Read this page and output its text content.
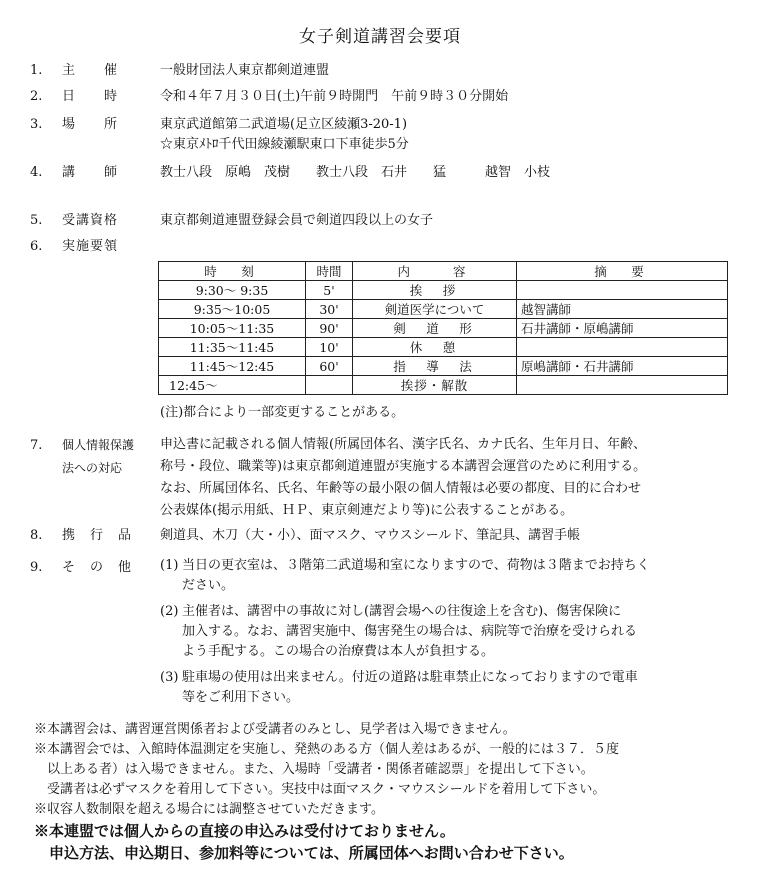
女子剣道講習会要項
1. 主　　催	一般財団法人東京都剣道連盟
2. 日　　時	令和４年７月３０日(土)午前９時開門　午前９時３０分開始
3. 場　　所	東京武道館第二武道場(足立区綾瀬3-20-1)
☆東京ﾒﾄﾛ千代田線綾瀬駅東口下車徒歩5分
4. 講　　師	教士八段　原嶋　茂樹　　教士八段　石井　　猛　　　越智　小枝
5. 受講資格	東京都剣道連盟登録会員で剣道四段以上の女子
6. 実施要領
時　刻	時間	内　　容	摘　要
9:30～ 9:35	5'	挨　拶	
9:35～10:05	30'	剣道医学について	越智講師
10:05～11:35	90'	剣　道　形	石井講師・原嶋講師
11:35～11:45	10'	休　憩	
11:45～12:45	60'	指　導　法	原嶋講師・石井講師
12:45～		挨拶・解散	
(注)都合により一部変更することがある。
7. 個人情報保護
法への対応
申込書に記載される個人情報(所属団体名、漢字氏名、カナ氏名、生年月日、年齢、
称号・段位、職業等)は東京都剣道連盟が実施する本講習会運営のために利用する。
なお、所属団体名、氏名、年齢等の最小限の個人情報は必要の都度、目的に合わせ
公表媒体(掲示用紙、ＨＰ、東京剣連だより等)に公表することがある。
8. 携　行　品 剣道具、木刀（大・小）、面マスク、マウスシールド、筆記具、講習手帳
9. そ　の　他	(1) 当日の更衣室は、３階第二武道場和室になりますので、荷物は３階までお持ちく
ださい。
(2) 主催者は、講習中の事故に対し(講習会場への往復途上を含む)、傷害保険に
加入する。なお、講習実施中、傷害発生の場合は、病院等で治療を受けられる
よう手配する。この場合の治療費は本人が負担する。
(3) 駐車場の使用は出来ません。付近の道路は駐車禁止になっておりますので電車
等をご利用下さい。
※本講習会は、講習運営関係者および受講者のみとし、見学者は入場できません。
※本講習会では、入館時体温測定を実施し、発熱のある方（個人差はあるが、一般的には３７．５度
　以上ある者）は入場できません。また、入場時「受講者・関係者確認票」を提出して下さい。
　受講者は必ずマスクを着用して下さい。実技中は面マスク・マウスシールドを着用して下さい。
※収容人数制限を超える場合には調整させていただきます。
※本連盟では個人からの直接の申込みは受付けておりません。
　申込方法、申込期日、参加料等については、所属団体へお問い合わせ下さい。
